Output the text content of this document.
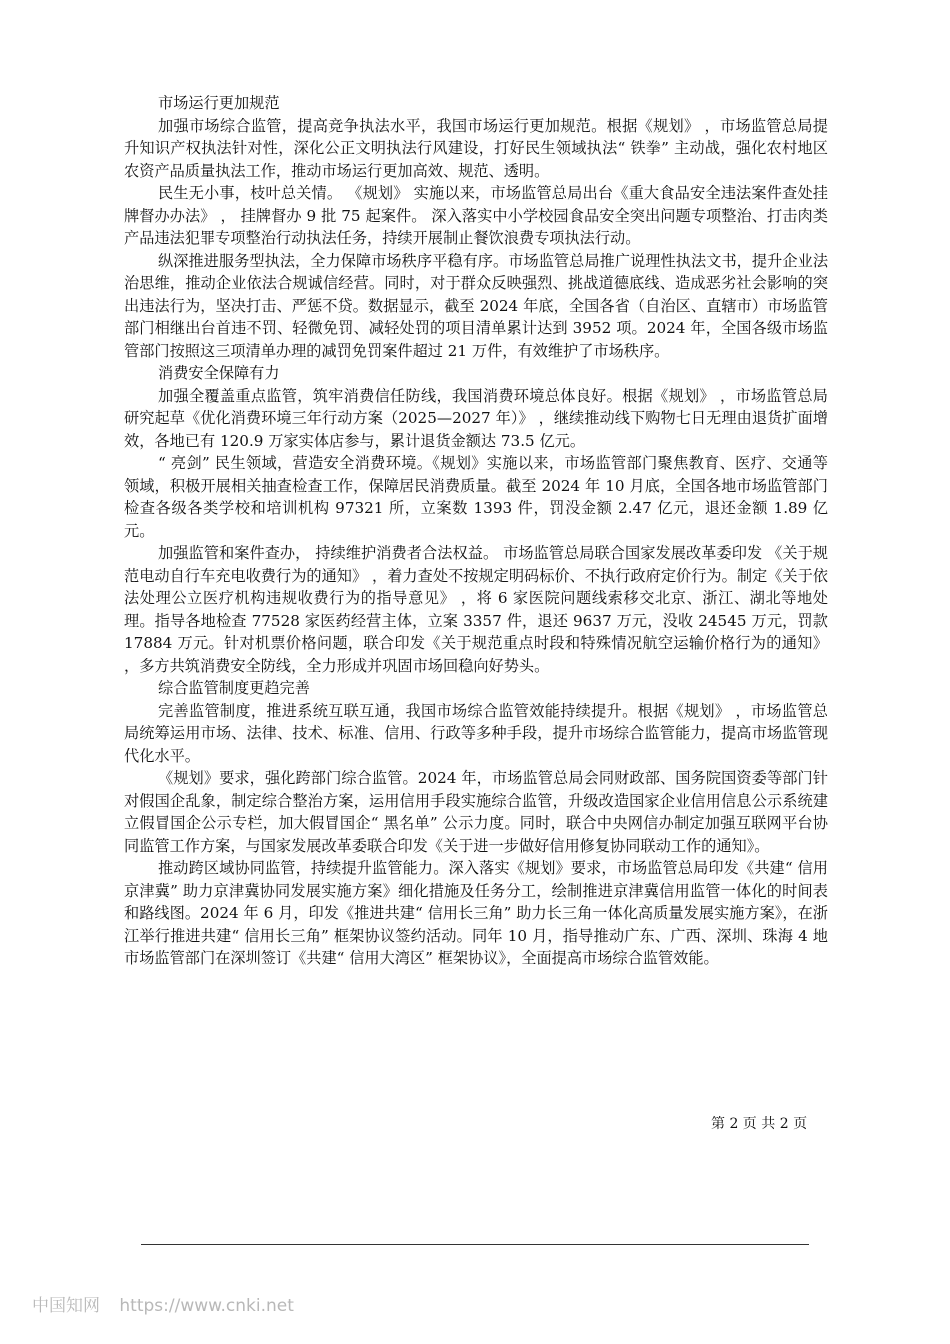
市场运行更加规范

加强市场综合监管，提高竞争执法水平，我国市场运行更加规范。根据《规划》 ，市场监管总局提升知识产权执法针对性，深化公正文明执法行风建设，打好民生领域执法“ 铁拳” 主动战，强化农村地区农资产品质量执法工作，推动市场运行更加高效、规范、透明。

民生无小事，枝叶总关情。 《规划》 实施以来，市场监管总局出台《重大食品安全违法案件查处挂牌督办办法》 ， 挂牌督办 9 批 75 起案件。 深入落实中小学校园食品安全突出问题专项整治、打击肉类产品违法犯罪专项整治行动执法任务，持续开展制止餐饮浪费专项执法行动。

纵深推进服务型执法，全力保障市场秩序平稳有序。市场监管总局推广说理性执法文书，提升企业法治思维，推动企业依法合规诚信经营。同时，对于群众反映强烈、挑战道德底线、造成恶劣社会影响的突出违法行为，坚决打击、严惩不贷。数据显示，截至 2024 年底，全国各省（自治区、直辖市）市场监管部门相继出台首违不罚、轻微免罚、减轻处罚的项目清单累计达到 3952 项。2024 年，全国各级市场监管部门按照这三项清单办理的减罚免罚案件超过 21 万件，有效维护了市场秩序。

消费安全保障有力

加强全覆盖重点监管，筑牢消费信任防线，我国消费环境总体良好。根据《规划》 ，市场监管总局研究起草《优化消费环境三年行动方案（2025—2027 年）》 ，继续推动线下购物七日无理由退货扩面增效，各地已有 120.9 万家实体店参与，累计退货金额达 73.5 亿元。

“ 亮剑” 民生领域，营造安全消费环境。《规划》实施以来，市场监管部门聚焦教育、医疗、交通等领域，积极开展相关抽查检查工作，保障居民消费质量。截至 2024 年 10 月底，全国各地市场监管部门检查各级各类学校和培训机构 97321 所，立案数 1393 件，罚没金额 2.47 亿元，退还金额 1.89 亿元。

加强监管和案件查办， 持续维护消费者合法权益。 市场监管总局联合国家发展改革委印发 《关于规范电动自行车充电收费行为的通知》 ，着力查处不按规定明码标价、不执行政府定价行为。制定《关于依法处理公立医疗机构违规收费行为的指导意见》 ，将 6 家医院问题线索移交北京、浙江、湖北等地处理。指导各地检查 77528 家医药经营主体，立案 3357 件，退还 9637 万元，没收 24545 万元，罚款 17884 万元。针对机票价格问题，联合印发《关于规范重点时段和特殊情况航空运输价格行为的通知》 ，多方共筑消费安全防线，全力形成并巩固市场回稳向好势头。

综合监管制度更趋完善

完善监管制度，推进系统互联互通，我国市场综合监管效能持续提升。根据《规划》 ，市场监管总局统筹运用市场、法律、技术、标准、信用、行政等多种手段，提升市场综合监管能力，提高市场监管现代化水平。

《规划》要求，强化跨部门综合监管。2024 年，市场监管总局会同财政部、国务院国资委等部门针对假国企乱象，制定综合整治方案，运用信用手段实施综合监管，升级改造国家企业信用信息公示系统建立假冒国企公示专栏，加大假冒国企“ 黑名单” 公示力度。同时，联合中央网信办制定加强互联网平台协同监管工作方案，与国家发展改革委联合印发《关于进一步做好信用修复协同联动工作的通知》。

推动跨区域协同监管，持续提升监管能力。深入落实《规划》要求，市场监管总局印发《共建“ 信用京津冀” 助力京津冀协同发展实施方案》细化措施及任务分工，绘制推进京津冀信用监管一体化的时间表和路线图。2024 年 6 月，印发《推进共建“ 信用长三角” 助力长三角一体化高质量发展实施方案》，在浙江举行推进共建“ 信用长三角” 框架协议签约活动。同年 10 月，指导推动广东、广西、深圳、珠海 4 地市场监管部门在深圳签订《共建“ 信用大湾区” 框架协议》，全面提高市场综合监管效能。

第 2 页 共 2 页
中国知网 https://www.cnki.net
